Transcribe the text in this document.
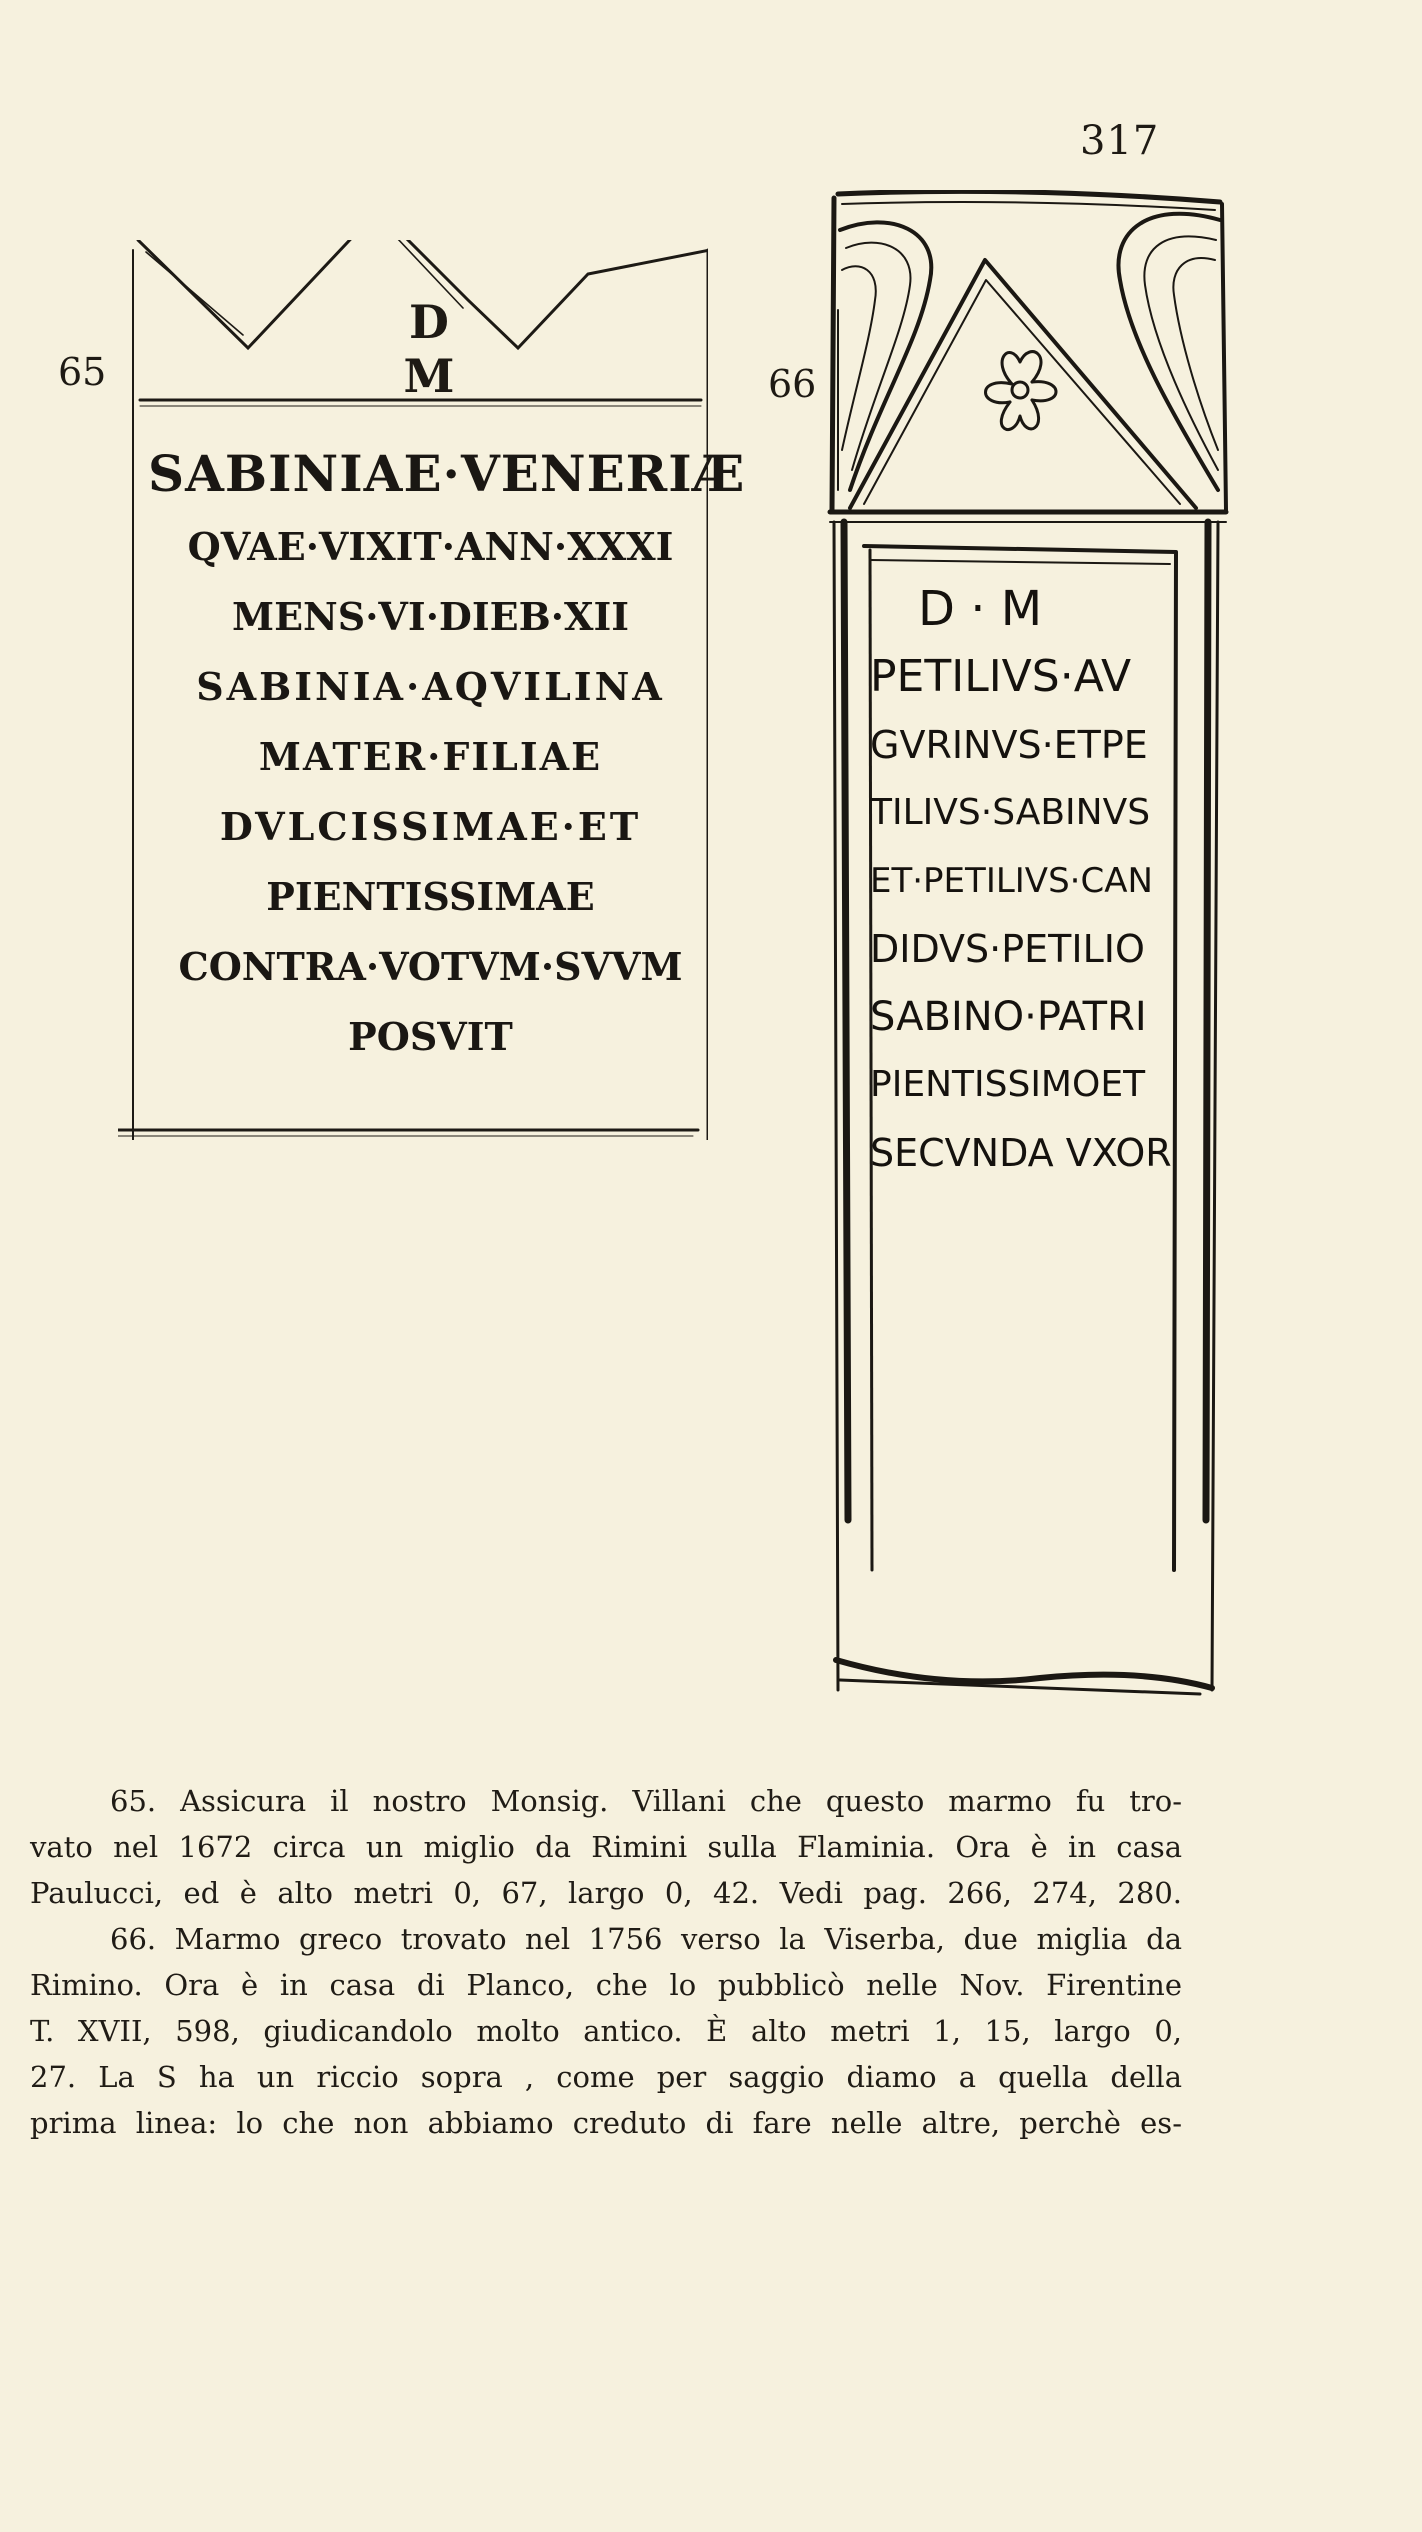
317
65
D M
SABINIAE·VENERIÆ
QVAE·VIXIT·ANN·XXXI
MENS·VI·DIEB·XII
SABINIA·AQVILINA
MATER·FILIAE
DVLCISSIMAE·ET
PIENTISSIMAE
CONTRA·VOTVM·SVVM
POSVIT
66
D · M
PETILIVS·AV
GVRINVS·ETPE
TILIVS·SABINVS
ET·PETILIVS·CAN
DIDVS·PETILIO
SABINO·PATRI
PIENTISSIMOET
SECVNDA VXOR
65. Assicura il nostro Monsig. Villani che questo marmo fu tro-
vato nel 1672 circa un miglio da Rimini sulla Flaminia. Ora è in casa
Paulucci, ed è alto metri 0, 67, largo 0, 42. Vedi pag. 266, 274, 280.
66. Marmo greco trovato nel 1756 verso la Viserba, due miglia da
Rimino. Ora è in casa di Planco, che lo pubblicò nelle Nov. Firentine
T. XVII, 598, giudicandolo molto antico. È alto metri 1, 15, largo 0,
27. La S ha un riccio sopra , come per saggio diamo a quella della
prima linea: lo che non abbiamo creduto di fare nelle altre, perchè es-
